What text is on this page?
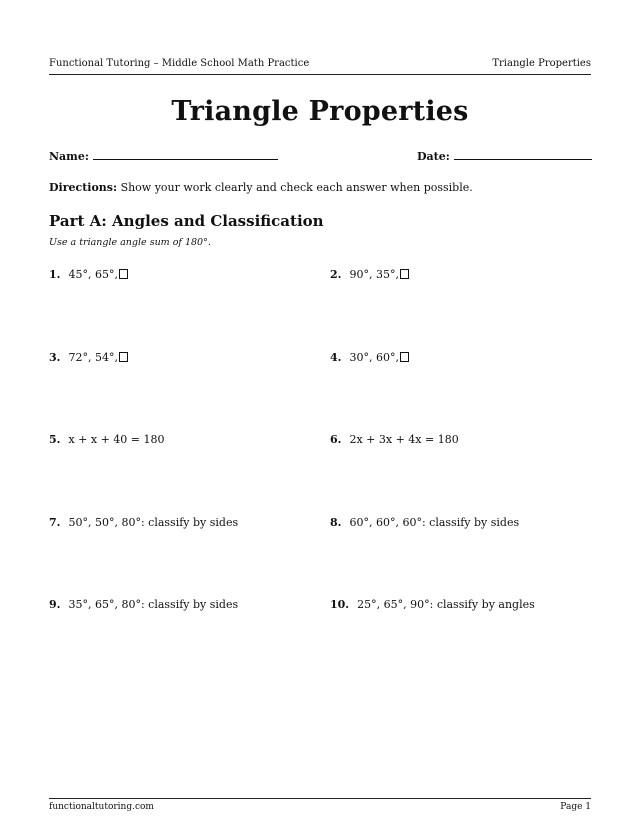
Functional Tutoring – Middle School Math Practice	Triangle Properties
Triangle Properties
Name:	Date:
Directions: Show your work clearly and check each answer when possible.
Part A: Angles and Classification
Use a triangle angle sum of 180°.
1. 45°, 65°,	2. 90°, 35°,
3. 72°, 54°,	4. 30°, 60°,
5. x + x + 40 = 180	6. 2x + 3x + 4x = 180
7. 50°, 50°, 80°: classify by sides	8. 60°, 60°, 60°: classify by sides
9. 35°, 65°, 80°: classify by sides	10. 25°, 65°, 90°: classify by angles
functionaltutoring.com	Page 1
